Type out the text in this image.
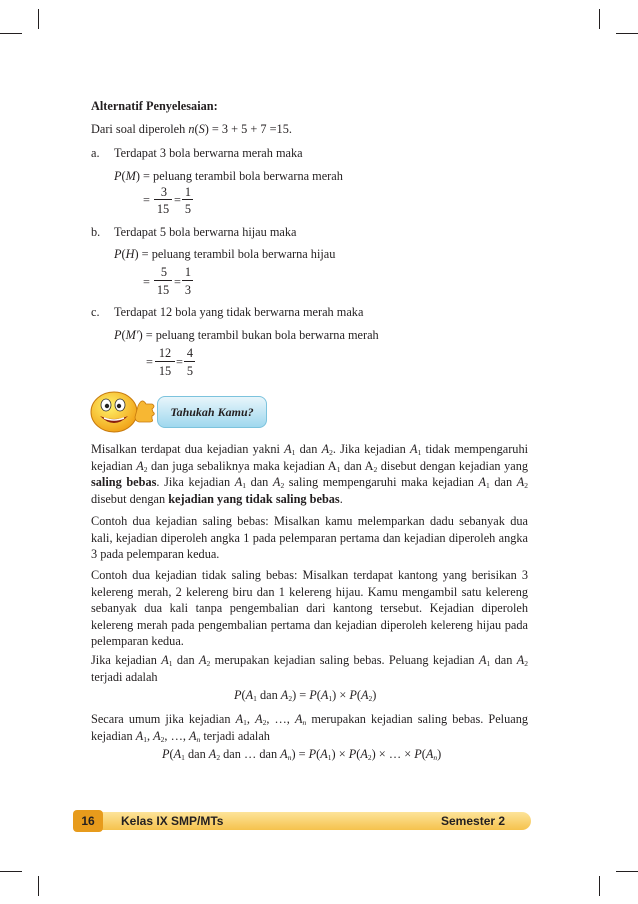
Alternatif Penyelesaian:
Dari soal diperoleh n(S) = 3 + 5 + 7 =15.
a. Terdapat 3 bola berwarna merah maka
P(M) = peluang terambil bola berwarna merah
=
3
15
=
1
5
b. Terdapat 5 bola berwarna hijau maka
P(H) = peluang terambil bola berwarna hijau
=
5
15
=
1
3
c. Terdapat 12 bola yang tidak berwarna merah maka
P(M′) = peluang terambil bukan bola berwarna merah
=
12
15
=
4
5
Tahukah Kamu?
Misalkan terdapat dua kejadian yakni $A_1$ dan $A_2$. Jika kejadian $A_1$ tidak mempengaruhi kejadian $A_2$ dan juga sebaliknya maka kejadian $A_1$ dan $A_2$ disebut dengan kejadian yang saling bebas. Jika kejadian $A_1$ dan $A_2$ saling mempengaruhi maka kejadian $A_1$ dan $A_2$ disebut dengan kejadian yang tidak saling bebas.
Contoh dua kejadian saling bebas: Misalkan kamu melemparkan dadu sebanyak dua kali, kejadian diperoleh angka 1 pada pelemparan pertama dan kejadian diperoleh angka 3 pada pelemparan kedua.
Contoh dua kejadian tidak saling bebas: Misalkan terdapat kantong yang berisikan 3 kelereng merah, 2 kelereng biru dan 1 kelereng hijau. Kamu mengambil satu kelereng sebanyak dua kali tanpa pengembalian dari kantong tersebut. Kejadian diperoleh kelereng merah pada pengembalian pertama dan kejadian diperoleh kelereng hijau pada pelemparan kedua.
Jika kejadian $A_1$ dan $A_2$ merupakan kejadian saling bebas. Peluang kejadian $A_1$ dan $A_2$ terjadi adalah
$P(A_1$ dan $A_2) = P(A_1) \times P(A_2)$
Secara umum jika kejadian $A_1$, $A_2$, …, $A_n$ merupakan kejadian saling bebas. Peluang kejadian $A_1$, $A_2$, …, $A_n$ terjadi adalah
$P(A_1$ dan $A_2$ dan … dan $A_n) = P(A_1) \times P(A_2)$ × … × $P(A_n)$
16	Kelas IX SMP/MTs	Semester 2
